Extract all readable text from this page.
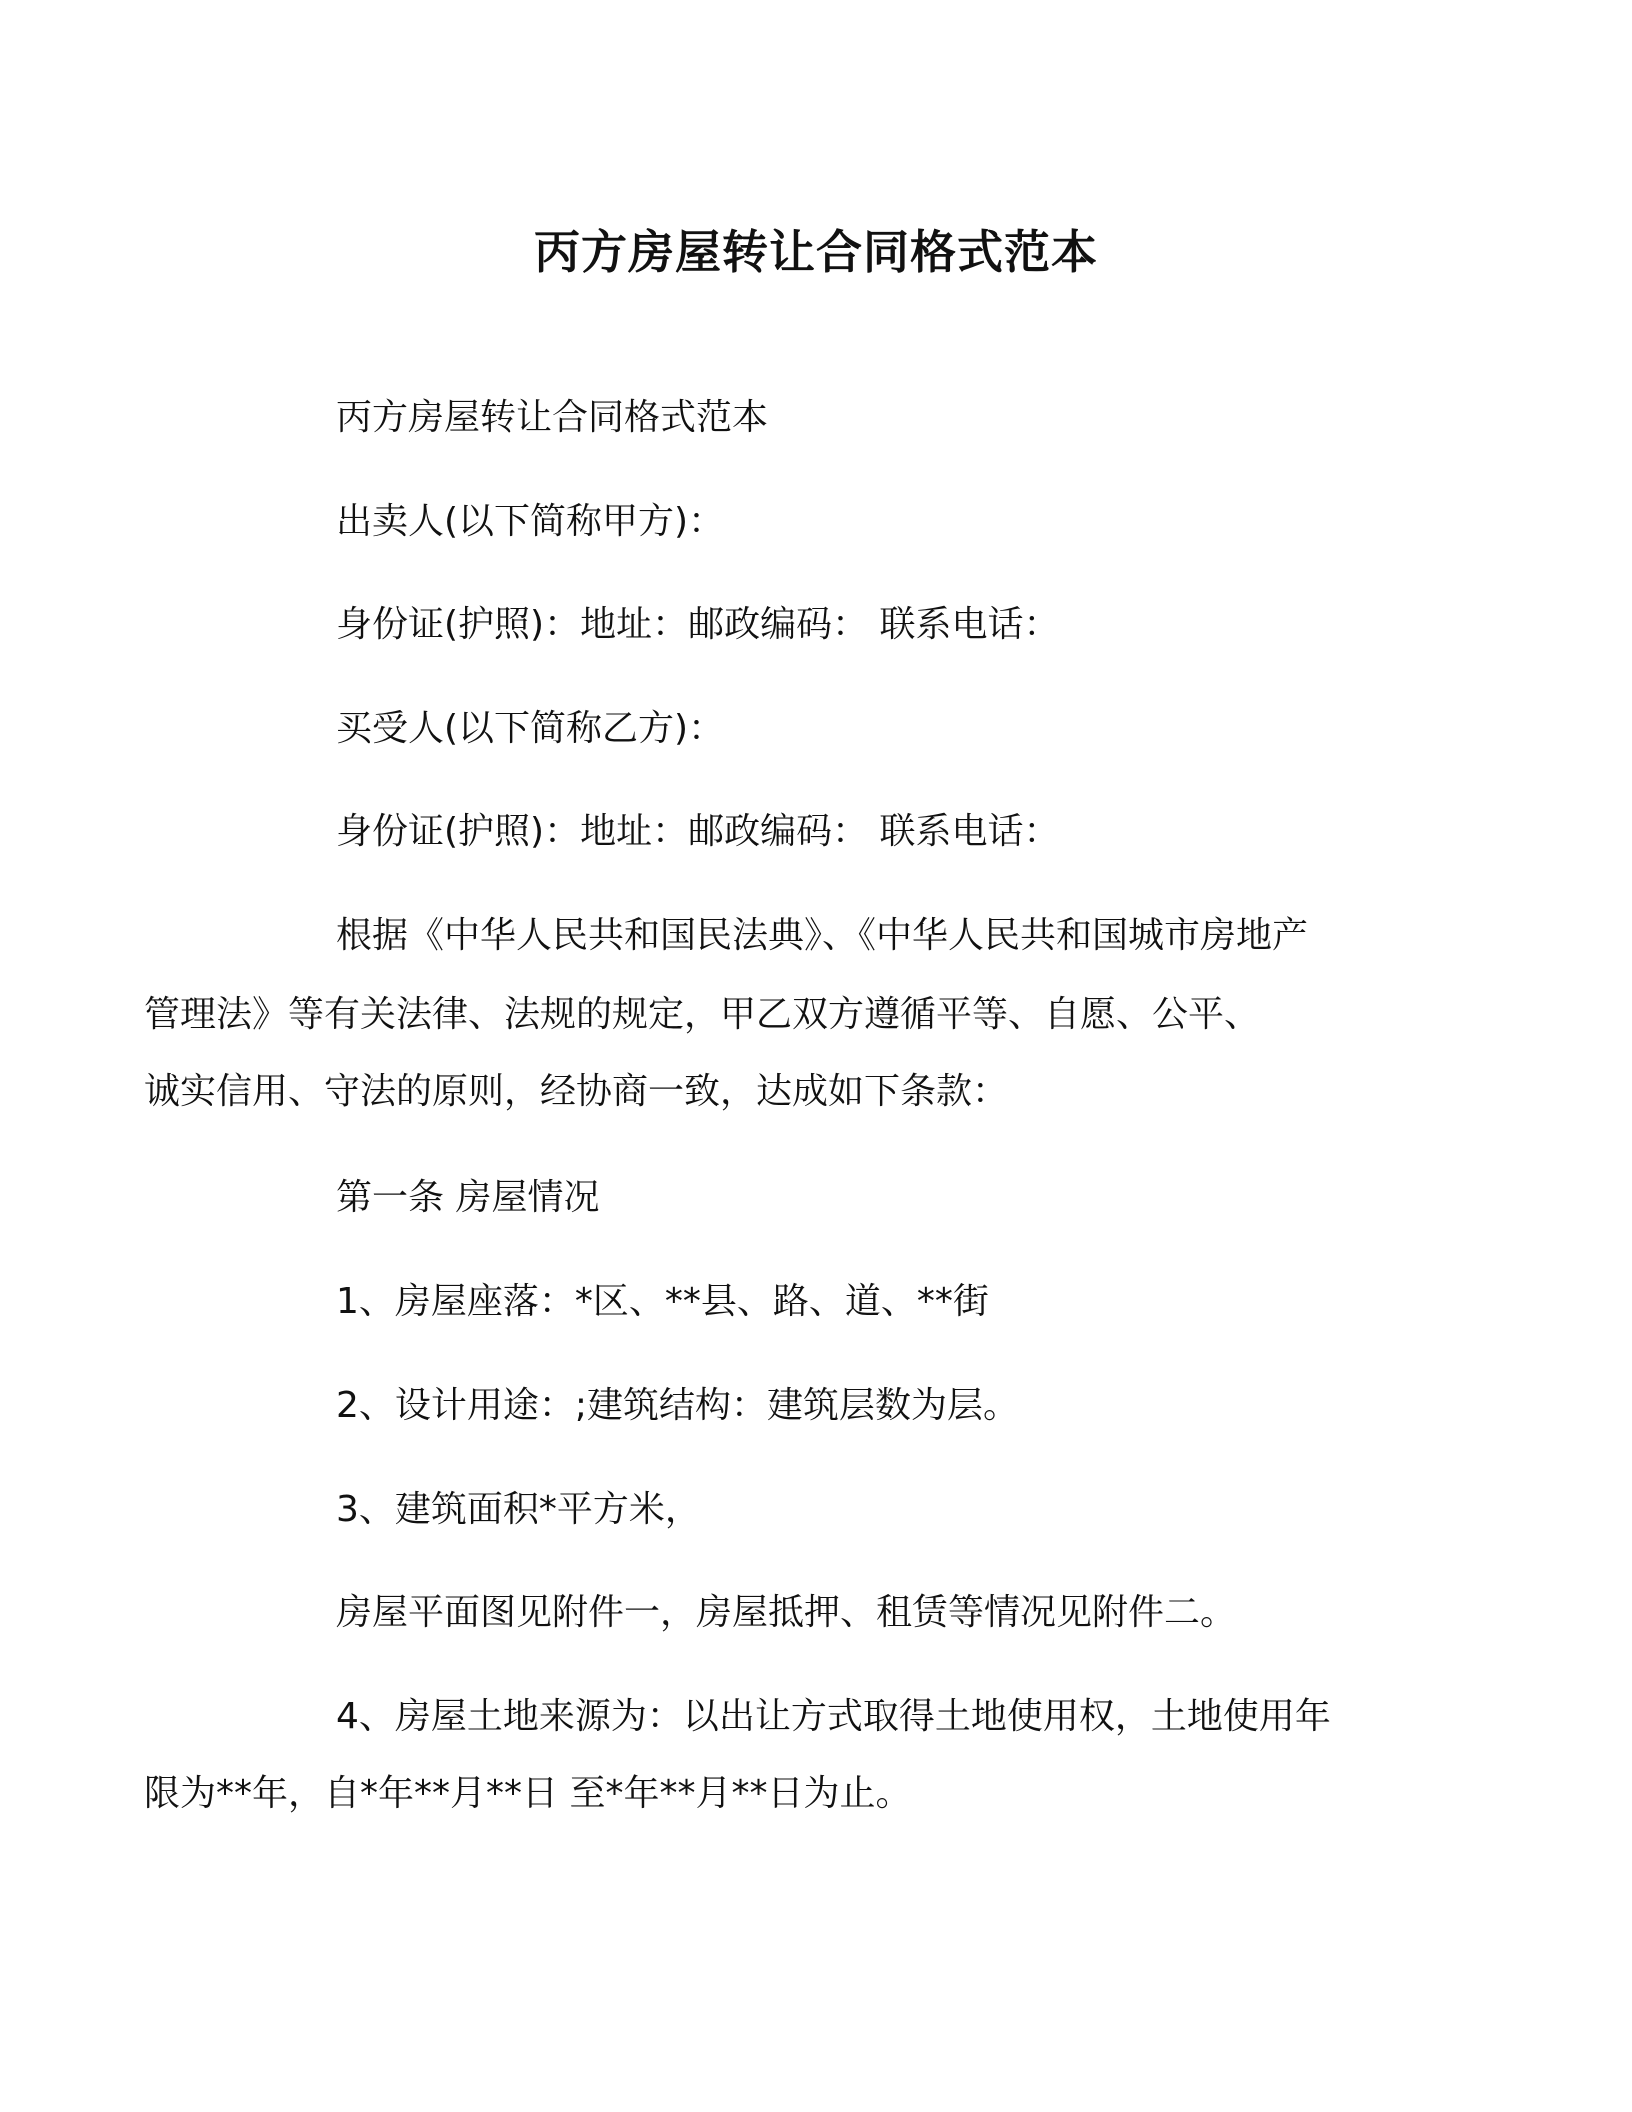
丙方房屋转让合同格式范本

丙方房屋转让合同格式范本

出卖人(以下简称甲方)：

身份证(护照)：地址：邮政编码： 联系电话：

买受人(以下简称乙方)：

身份证(护照)：地址：邮政编码： 联系电话：

根据《中华人民共和国民法典》、《中华人民共和国城市房地产
管理法》等有关法律、法规的规定，甲乙双方遵循平等、自愿、公平、
诚实信用、守法的原则，经协商一致，达成如下条款：

第一条 房屋情况

1、房屋座落：*区、**县、路、道、**街

2、设计用途：;建筑结构：建筑层数为层。

3、建筑面积*平方米，

房屋平面图见附件一，房屋抵押、租赁等情况见附件二。

4、房屋土地来源为：以出让方式取得土地使用权，土地使用年
限为**年，自*年**月**日 至*年**月**日为止。
